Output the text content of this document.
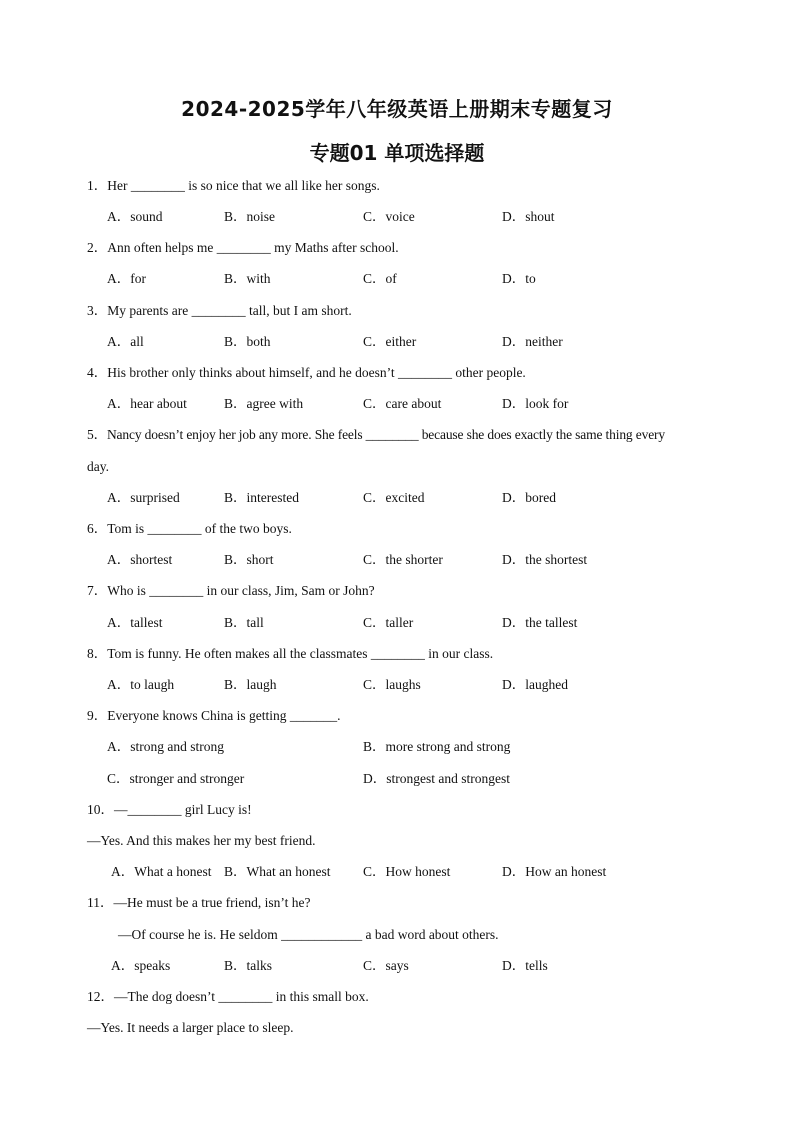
2024-2025学年八年级英语上册期末专题复习
专题01 单项选择题
1．Her ________ is so nice that we all like her songs.
A．sound	B．noise	C．voice	D．shout
2．Ann often helps me ________ my Maths after school.
A．for	B．with	C．of	D．to
3．My parents are ________ tall, but I am short.
A．all	B．both	C．either	D．neither
4．His brother only thinks about himself, and he doesn’t ________ other people.
A．hear about	B．agree with	C．care about	D．look for
5．Nancy doesn’t enjoy her job any more. She feels ________ because she does exactly the same thing every
day.
A．surprised	B．interested	C．excited	D．bored
6．Tom is ________ of the two boys.
A．shortest	B．short	C．the shorter	D．the shortest
7．Who is ________ in our class, Jim, Sam or John?
A．tallest	B．tall	C．taller	D．the tallest
8．Tom is funny. He often makes all the classmates ________ in our class.
A．to laugh	B．laugh	C．laughs	D．laughed
9．Everyone knows China is getting _______.
A．strong and strong	B．more strong and strong
C．stronger and stronger	D．strongest and strongest
10．—________ girl Lucy is!
—Yes. And this makes her my best friend.
A．What a honest B．What an honest C．How honest	D．How an honest
11．—He must be a true friend, isn’t he?
—Of course he is. He seldom ____________ a bad word about others.
A．speaks	B．talks	C．says	D．tells
12．—The dog doesn’t ________ in this small box.
—Yes. It needs a larger place to sleep.
